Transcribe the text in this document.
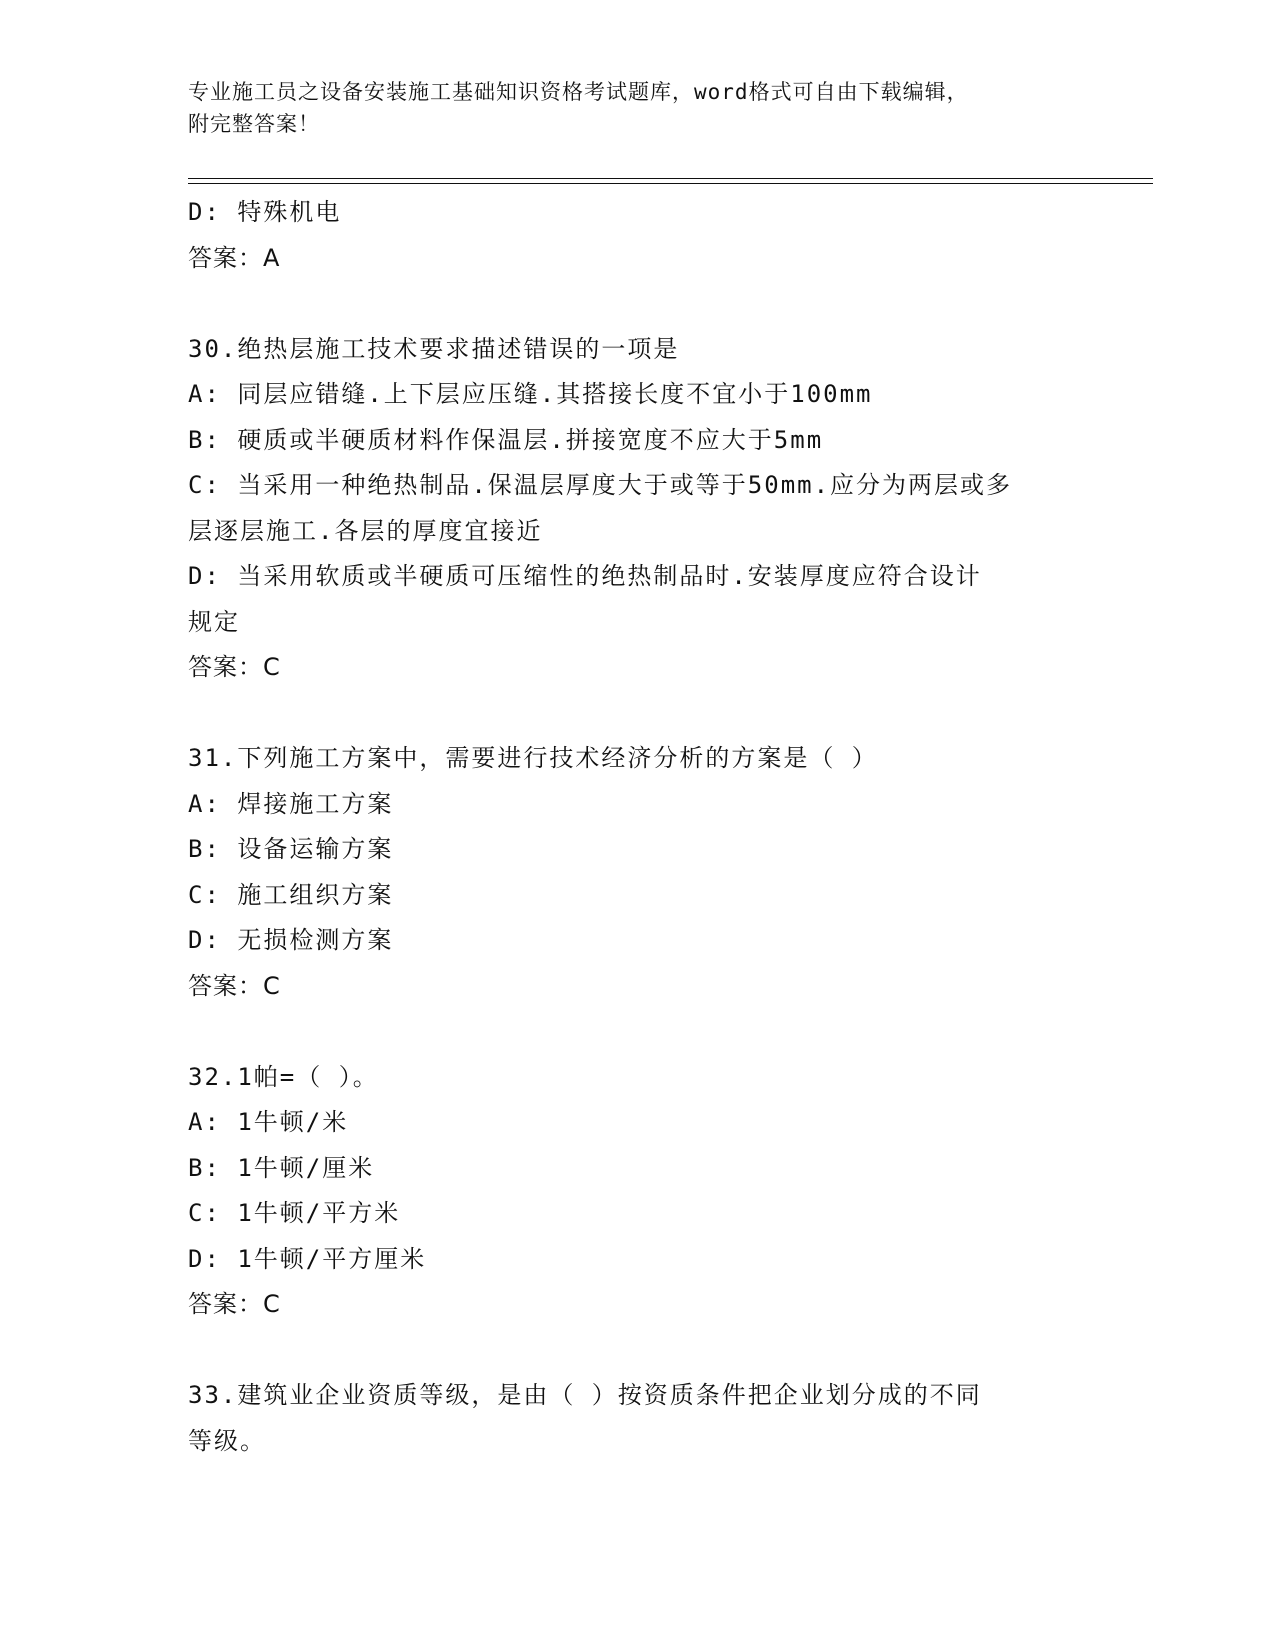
专业施工员之设备安装施工基础知识资格考试题库，word格式可自由下载编辑，
附完整答案！
D: 特殊机电
答案：A
30.绝热层施工技术要求描述错误的一项是
A: 同层应错缝.上下层应压缝.其搭接长度不宜小于100mm
B: 硬质或半硬质材料作保温层.拼接宽度不应大于5mm
C: 当采用一种绝热制品.保温层厚度大于或等于50mm.应分为两层或多
层逐层施工.各层的厚度宜接近
D: 当采用软质或半硬质可压缩性的绝热制品时.安装厚度应符合设计
规定
答案：C
31.下列施工方案中，需要进行技术经济分析的方案是（ ）
A: 焊接施工方案
B: 设备运输方案
C: 施工组织方案
D: 无损检测方案
答案：C
32.1帕=（ ）。
A: 1牛顿/米
B: 1牛顿/厘米
C: 1牛顿/平方米
D: 1牛顿/平方厘米
答案：C
33.建筑业企业资质等级，是由（ ）按资质条件把企业划分成的不同
等级。
